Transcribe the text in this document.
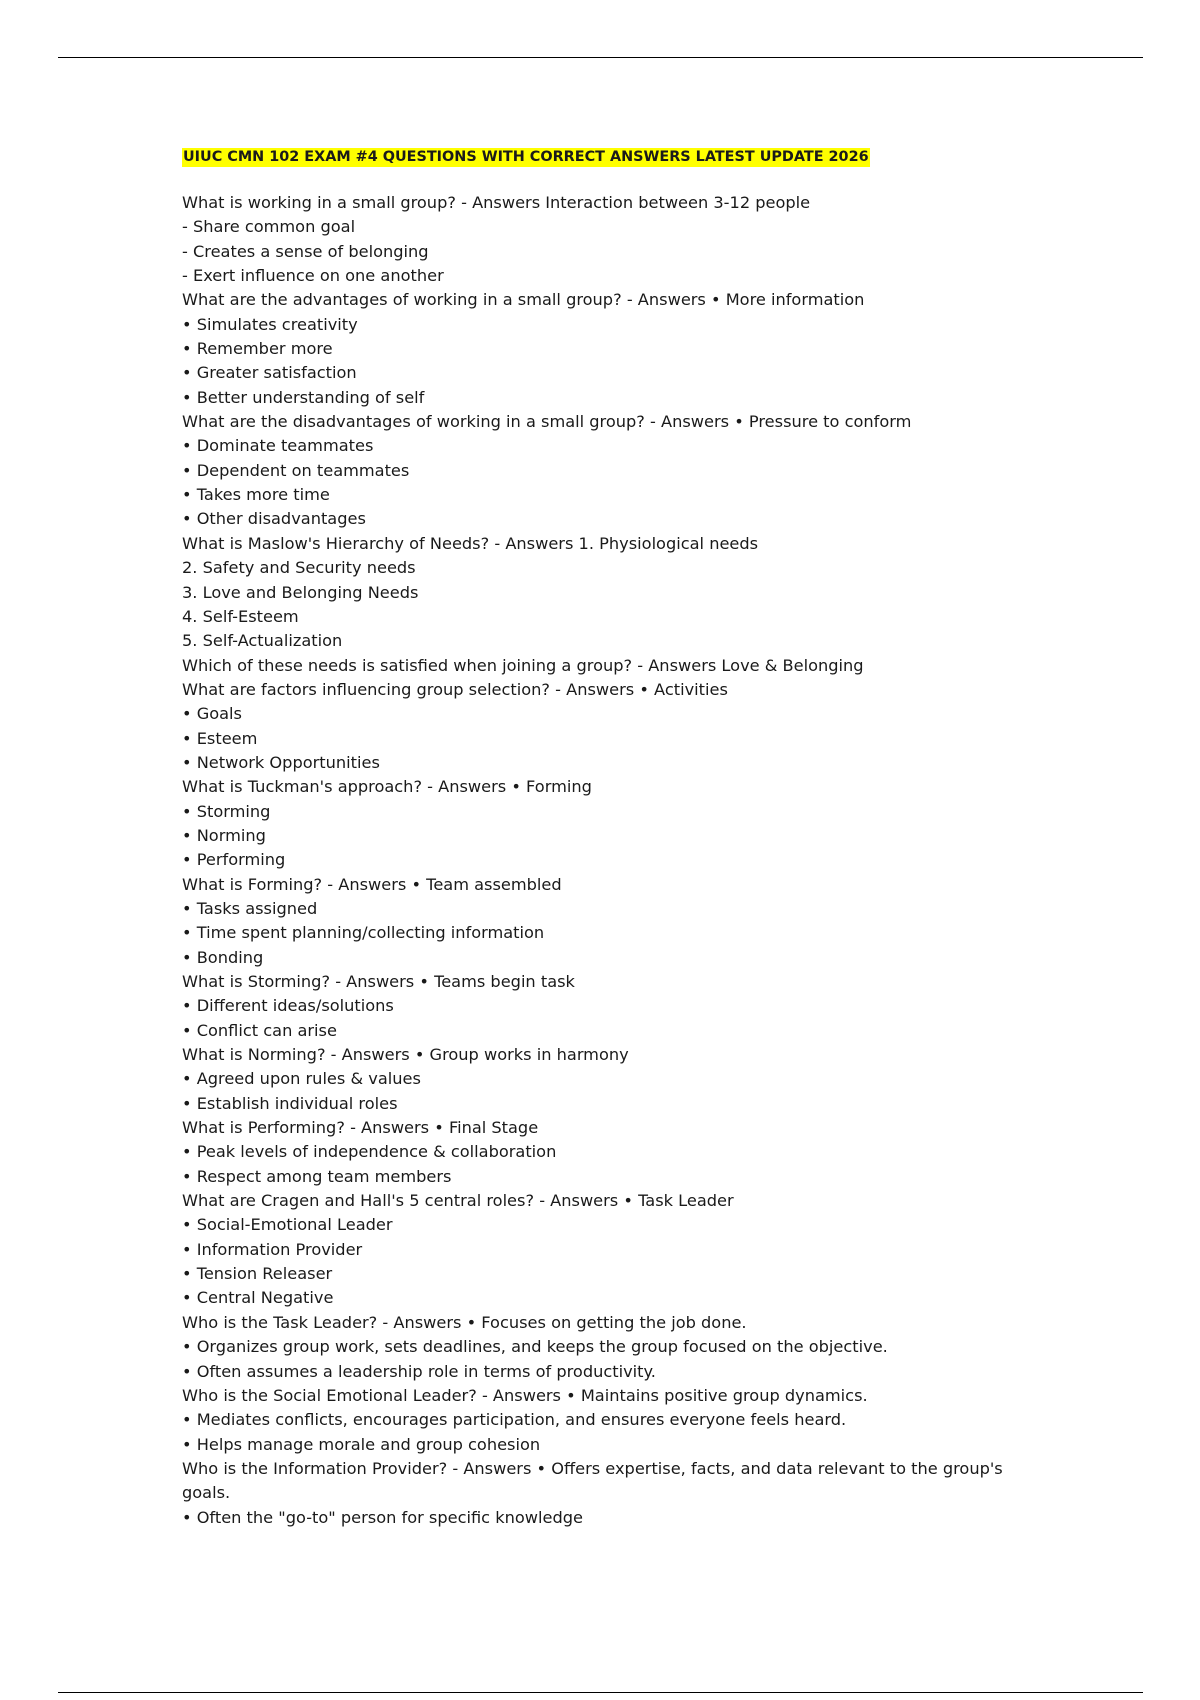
UIUC CMN 102 EXAM #4 QUESTIONS WITH CORRECT ANSWERS LATEST UPDATE 2026
What is working in a small group? - Answers Interaction between 3-12 people
- Share common goal
- Creates a sense of belonging
- Exert influence on one another
What are the advantages of working in a small group? - Answers • More information
• Simulates creativity
• Remember more
• Greater satisfaction
• Better understanding of self
What are the disadvantages of working in a small group? - Answers • Pressure to conform
• Dominate teammates
• Dependent on teammates
• Takes more time
• Other disadvantages
What is Maslow's Hierarchy of Needs? - Answers 1. Physiological needs
2. Safety and Security needs
3. Love and Belonging Needs
4. Self-Esteem
5. Self-Actualization
Which of these needs is satisfied when joining a group? - Answers Love & Belonging
What are factors influencing group selection? - Answers • Activities
• Goals
• Esteem
• Network Opportunities
What is Tuckman's approach? - Answers • Forming
• Storming
• Norming
• Performing
What is Forming? - Answers • Team assembled
• Tasks assigned
• Time spent planning/collecting information
• Bonding
What is Storming? - Answers • Teams begin task
• Different ideas/solutions
• Conflict can arise
What is Norming? - Answers • Group works in harmony
• Agreed upon rules & values
• Establish individual roles
What is Performing? - Answers • Final Stage
• Peak levels of independence & collaboration
• Respect among team members
What are Cragen and Hall's 5 central roles? - Answers • Task Leader
• Social-Emotional Leader
• Information Provider
• Tension Releaser
• Central Negative
Who is the Task Leader? - Answers • Focuses on getting the job done.
• Organizes group work, sets deadlines, and keeps the group focused on the objective.
• Often assumes a leadership role in terms of productivity.
Who is the Social Emotional Leader? - Answers • Maintains positive group dynamics.
• Mediates conflicts, encourages participation, and ensures everyone feels heard.
• Helps manage morale and group cohesion
Who is the Information Provider? - Answers • Offers expertise, facts, and data relevant to the group's
goals.
• Often the "go-to" person for specific knowledge
